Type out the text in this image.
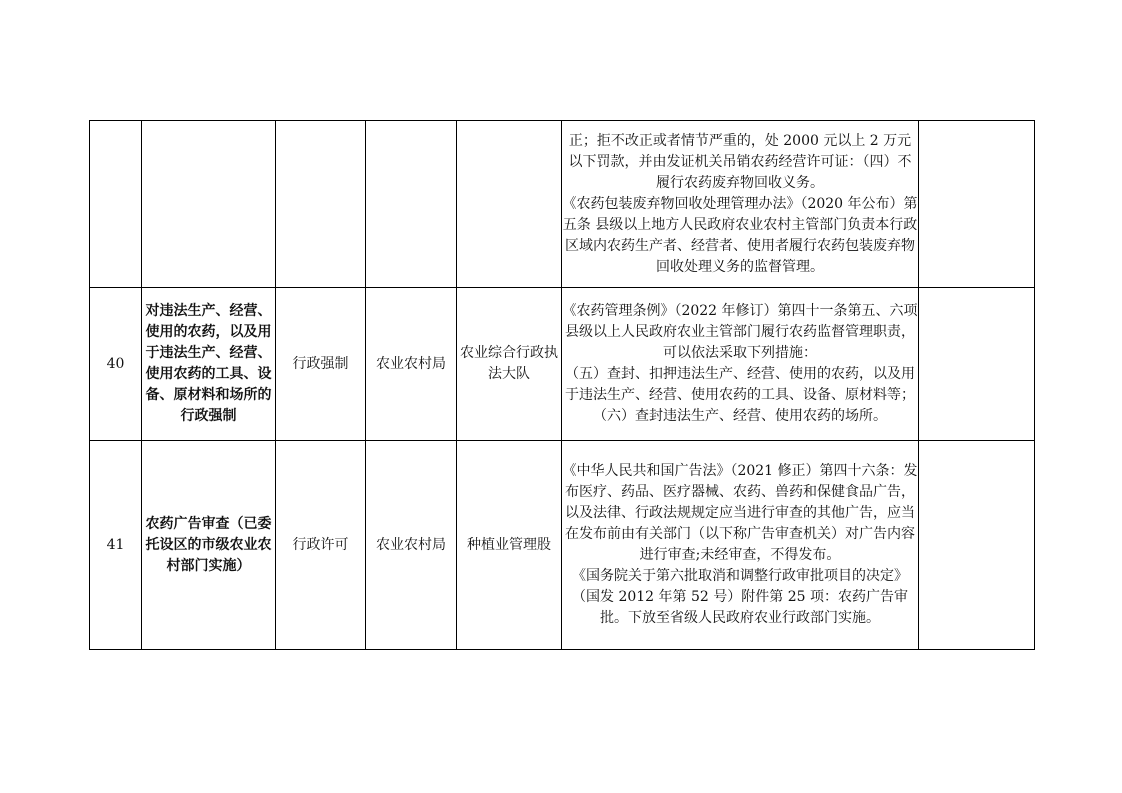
					正；拒不改正或者情节严重的，处 2000 元以上 2 万元以下罚款，并由发证机关吊销农药经营许可证：（四）不履行农药废弃物回收义务。

《农药包装废弃物回收处理管理办法》（2020 年公布）第五条 县级以上地方人民政府农业农村主管部门负责本行政区域内农药生产者、经营者、使用者履行农药包装废弃物回收处理义务的监督管理。	

40	对违法生产、经营、使用的农药，以及用于违法生产、经营、使用农药的工具、设备、原材料和场所的行政强制	行政强制	农业农村局	农业综合行政执法大队	《农药管理条例》（2022 年修订）第四十一条第五、六项 县级以上人民政府农业主管部门履行农药监督管理职责，可以依法采取下列措施：

（五）查封、扣押违法生产、经营、使用的农药，以及用于违法生产、经营、使用农药的工具、设备、原材料等；

（六）查封违法生产、经营、使用农药的场所。	

41	农药广告审查（已委托设区的市级农业农村部门实施）	行政许可	农业农村局	种植业管理股	《中华人民共和国广告法》（2021 修正）第四十六条：发布医疗、药品、医疗器械、农药、兽药和保健食品广告，以及法律、行政法规规定应当进行审查的其他广告，应当在发布前由有关部门（以下称广告审查机关）对广告内容进行审查;未经审查，不得发布。

《国务院关于第六批取消和调整行政审批项目的决定》（国发 2012 年第 52 号）附件第 25 项：农药广告审批。下放至省级人民政府农业行政部门实施。	
